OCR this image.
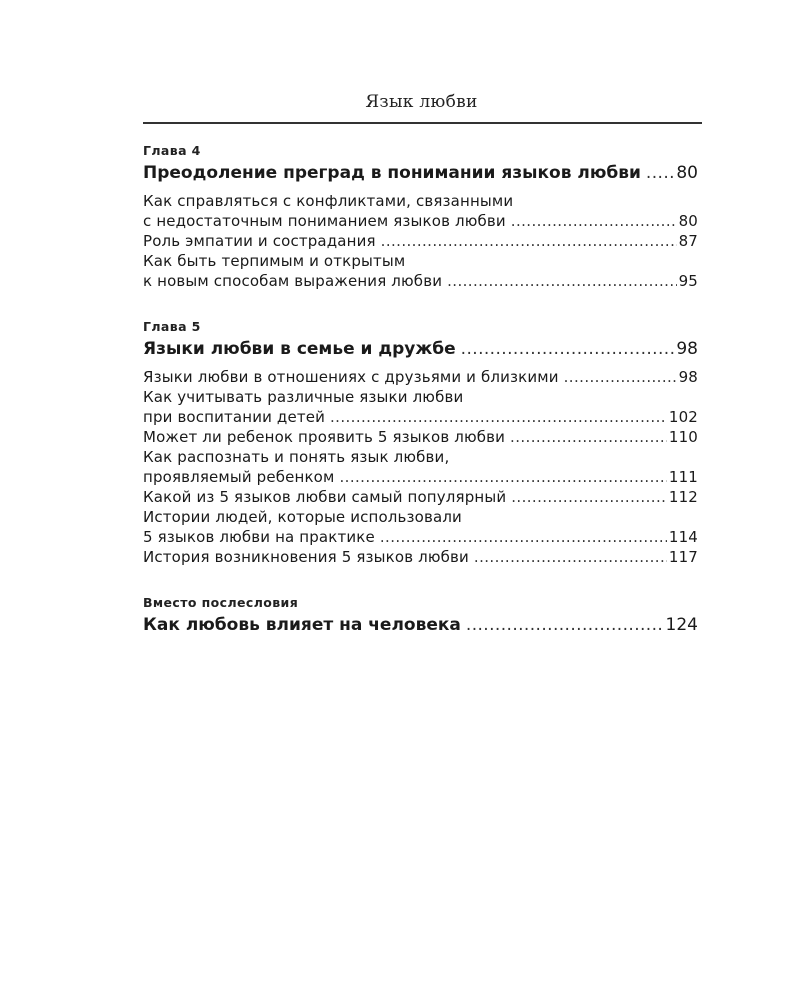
Язык любви
Глава 4
Преодоление преград в понимании языков любви ..... 80
Как справляться с конфликтами, связанными
с недостаточным пониманием языков любви .....	80
Роль эмпатии и сострадания .....	87
Как быть терпимым и открытым
к новым способам выражения любви .....	95
Глава 5
Языки любви в семье и дружбе .....	98
Языки любви в отношениях с друзьями и близкими .....	98
Как учитывать различные языки любви
при воспитании детей .....	102
Может ли ребенок проявить 5 языков любви .....	110
Как распознать и понять язык любви,
проявляемый ребенком .....	111
Какой из 5 языков любви самый популярный .....	112
Истории людей, которые использовали
5 языков любви на практике .....	114
История возникновения 5 языков любви .....	117
Вместо послесловия
Как любовь влияет на человека .....	124
